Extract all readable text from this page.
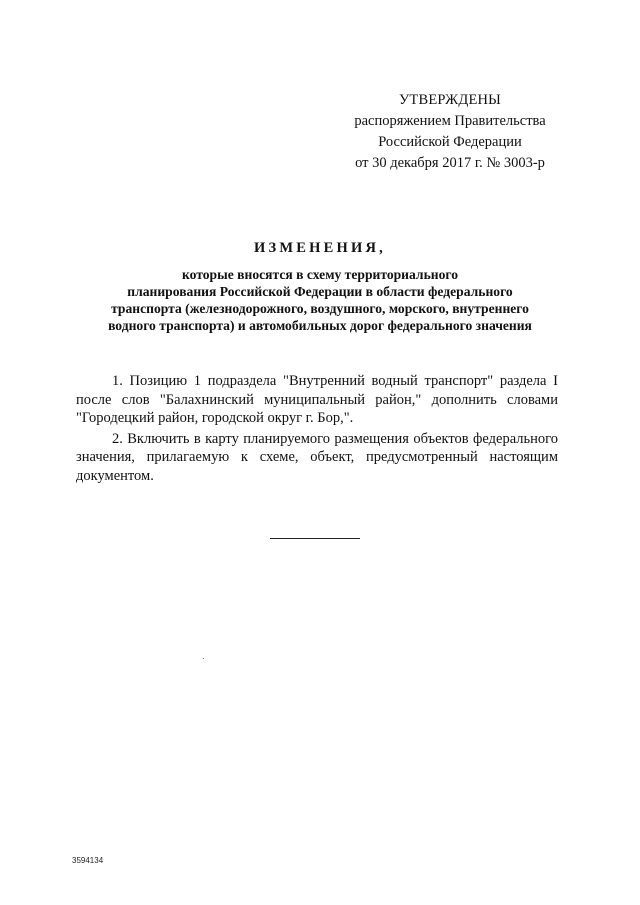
УТВЕРЖДЕНЫ
распоряжением Правительства
Российской Федерации
от 30 декабря 2017 г. № 3003-р
ИЗМЕНЕНИЯ,
которые вносятся в схему территориального
планирования Российской Федерации в области федерального
транспорта (железнодорожного, воздушного, морского, внутреннего
водного транспорта) и автомобильных дорог федерального значения

1. Позицию 1 подраздела "Внутренний водный транспорт" раздела I после слов "Балахнинский муниципальный район," дополнить словами "Городецкий район, городской округ г. Бор,".

2. Включить в карту планируемого размещения объектов федерального значения, прилагаемую к схеме, объект, предусмотренный настоящим документом.

3594134
